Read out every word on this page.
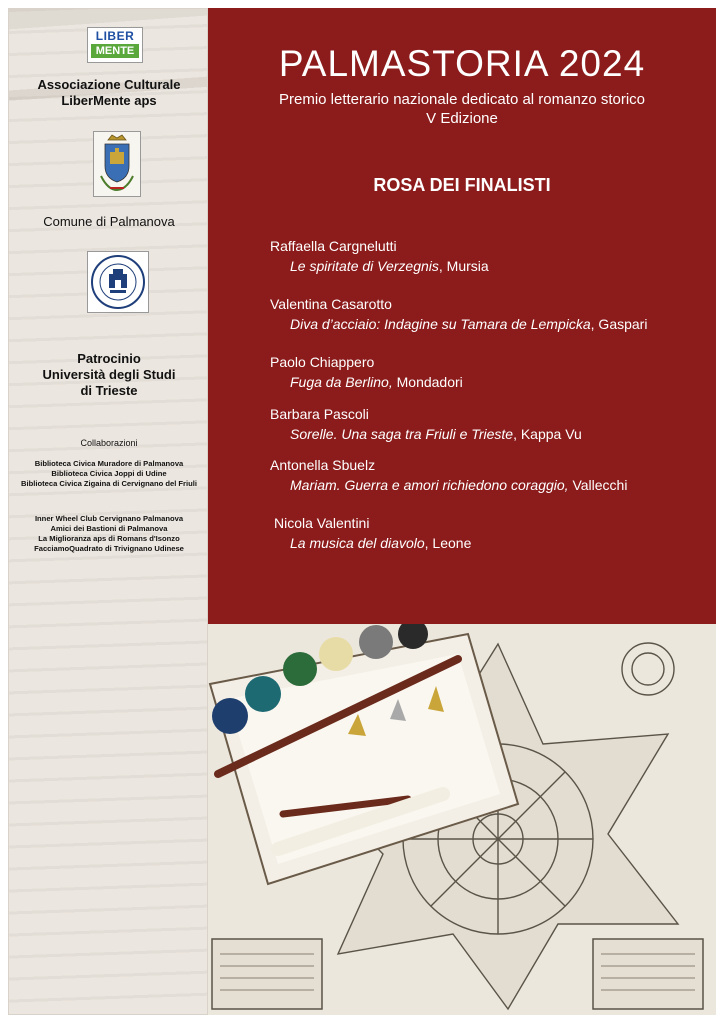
LIBER
MENTE
Associazione Culturale
LiberMente aps
Comune di Palmanova
Patrocinio
Università degli Studi
di Trieste
Collaborazioni
Biblioteca Civica Muradore di Palmanova
Biblioteca Civica Joppi di Udine
Biblioteca Civica Zigaina di Cervignano del Friuli
Inner Wheel Club Cervignano Palmanova
Amici dei Bastioni di Palmanova
La Miglioranza aps di Romans d'Isonzo
FacciamoQuadrato di Trivignano Udinese
PALMASTORIA 2024
Premio letterario nazionale dedicato al romanzo storico
V Edizione
ROSA DEI FINALISTI
Raffaella Cargnelutti
Le spiritate di Verzegnis, Mursia
Valentina Casarotto
Diva d’acciaio: Indagine su Tamara de Lempicka, Gaspari
Paolo Chiappero
Fuga da Berlino, Mondadori
Barbara Pascoli
Sorelle. Una saga tra Friuli e Trieste, Kappa Vu
Antonella Sbuelz
Mariam. Guerra e amori richiedono coraggio, Vallecchi
Nicola Valentini
La musica del diavolo, Leone
